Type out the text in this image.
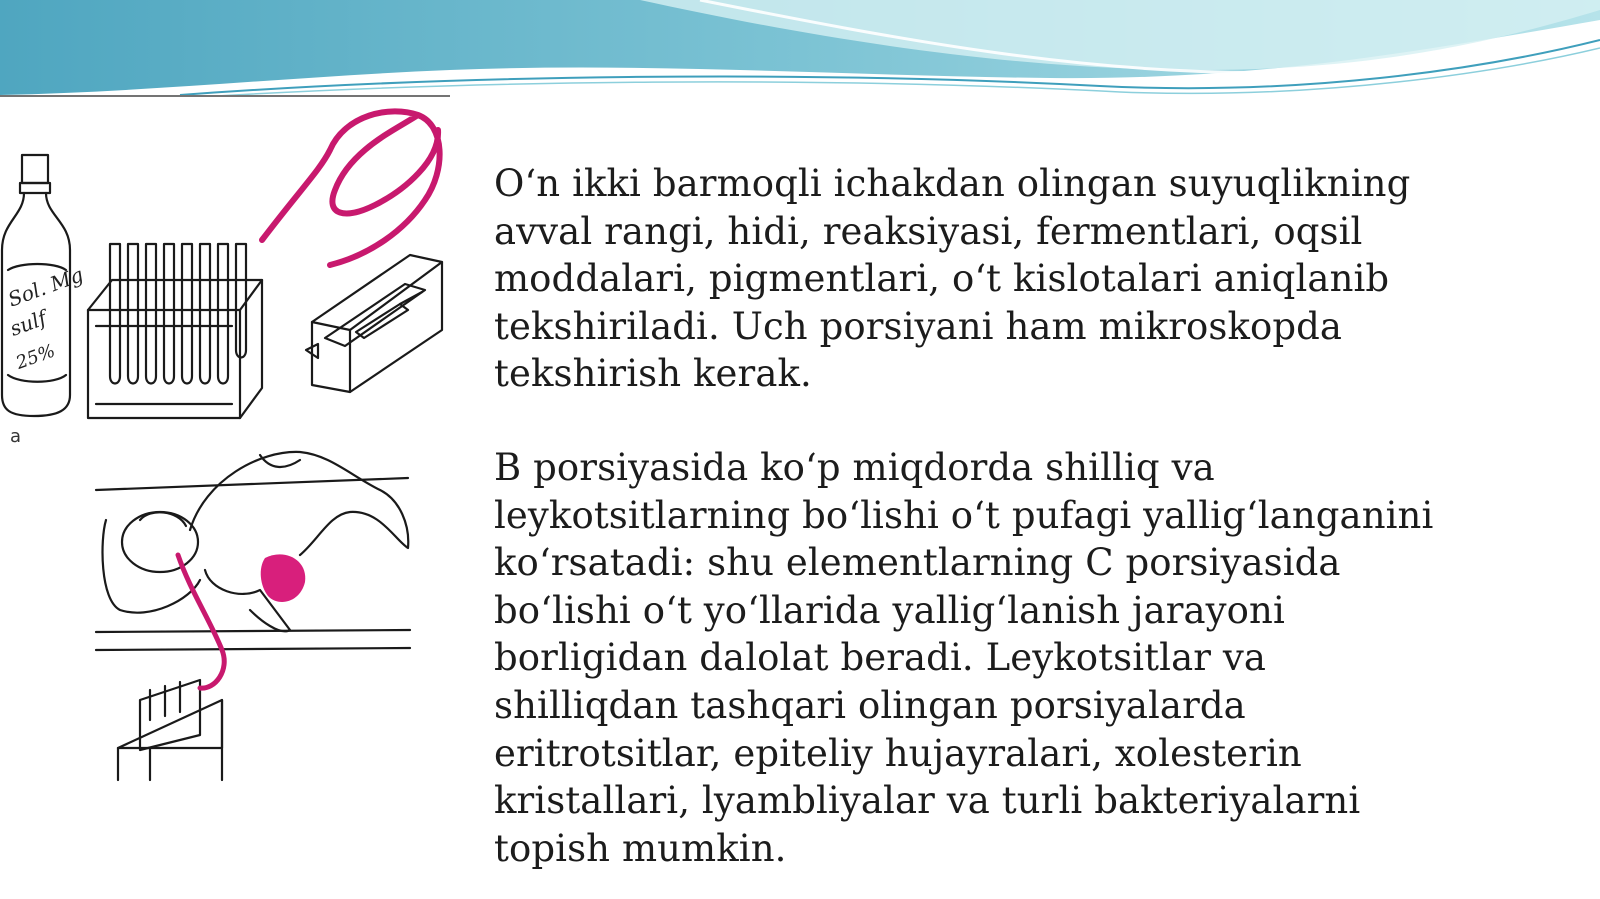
Sol. Mg
sulf
25%
a

O‘n ikki barmoqli ichakdan olingan suyuqlikning
avval rangi, hidi, reaksiyasi, fermentlari, oqsil
moddalari, pigmentlari, o‘t kislotalari aniqlanib
tekshiriladi. Uch porsiyani ham mikroskopda
tekshirish kerak.

B porsiyasida ko‘p miqdorda shilliq va
leykotsitlarning bo‘lishi o‘t pufagi yallig‘langanini
ko‘rsatadi: shu elementlarning C porsiyasida
bo‘lishi o‘t yo‘llarida yallig‘lanish jarayoni
borligidan dalolat beradi. Leykotsitlar va
shilliqdan tashqari olingan porsiyalarda
eritrotsitlar, epiteliy hujayralari, xolesterin
kristallari, lyambliyalar va turli bakteriyalarni
topish mumkin.
